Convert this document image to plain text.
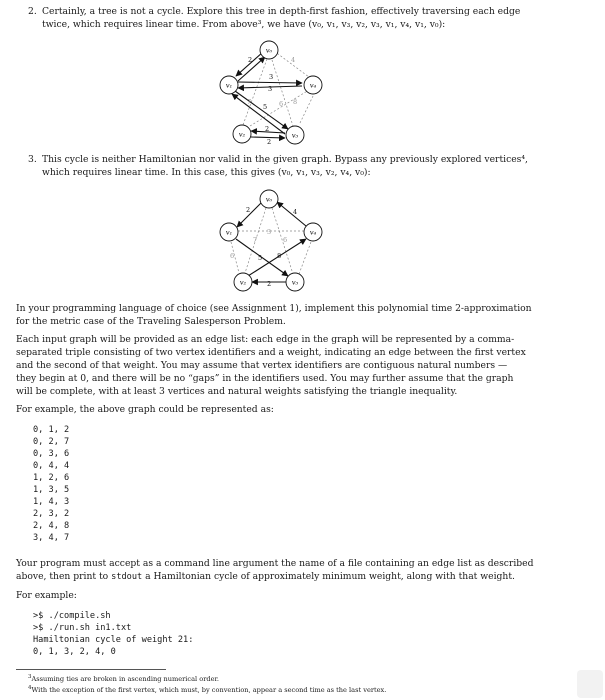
2. Certainly, a tree is not a cycle. Explore this tree in depth-first fashion, effectively traversing each edge
twice, which requires linear time. From above³, we have (v₀, v₁, v₃, v₂, v₃, v₁, v₄, v₁, v₀):
2
3
3
5
4
2
2
6
7	8
v₀
v₁	v₄
v₂	v₃
3. This cycle is neither Hamiltonian nor valid in the given graph. Bypass any previously explored vertices⁴,
which requires linear time. In this case, this gives (v₀, v₁, v₃, v₂, v₄, v₀):
2	4
3
7	6
6	5 8
2
v₀
v₁	v₄
v₂	v₃
In your programming language of choice (see Assignment 1), implement this polynomial time 2-approximation
for the metric case of the Traveling Salesperson Problem.
Each input graph will be provided as an edge list: each edge in the graph will be represented by a comma-
separated triple consisting of two vertex identifiers and a weight, indicating an edge between the first vertex
and the second of that weight. You may assume that vertex identifiers are contiguous natural numbers —
they begin at 0, and there will be no “gaps” in the identifiers used. You may further assume that the graph
will be complete, with at least 3 vertices and natural weights satisfying the triangle inequality.
For example, the above graph could be represented as:
0, 1, 2
0, 2, 7
0, 3, 6
0, 4, 4
1, 2, 6
1, 3, 5
1, 4, 3
2, 3, 2
2, 4, 8
3, 4, 7
Your program must accept as a command line argument the name of a file containing an edge list as described
above, then print to stdout a Hamiltonian cycle of approximately minimum weight, along with that weight.
For example:
>$ ./compile.sh
>$ ./run.sh in1.txt
Hamiltonian cycle of weight 21:
0, 1, 3, 2, 4, 0
$^3$Assuming ties are broken in ascending numerical order.
$^4$With the exception of the first vertex, which must, by convention, appear a second time as the last vertex.
